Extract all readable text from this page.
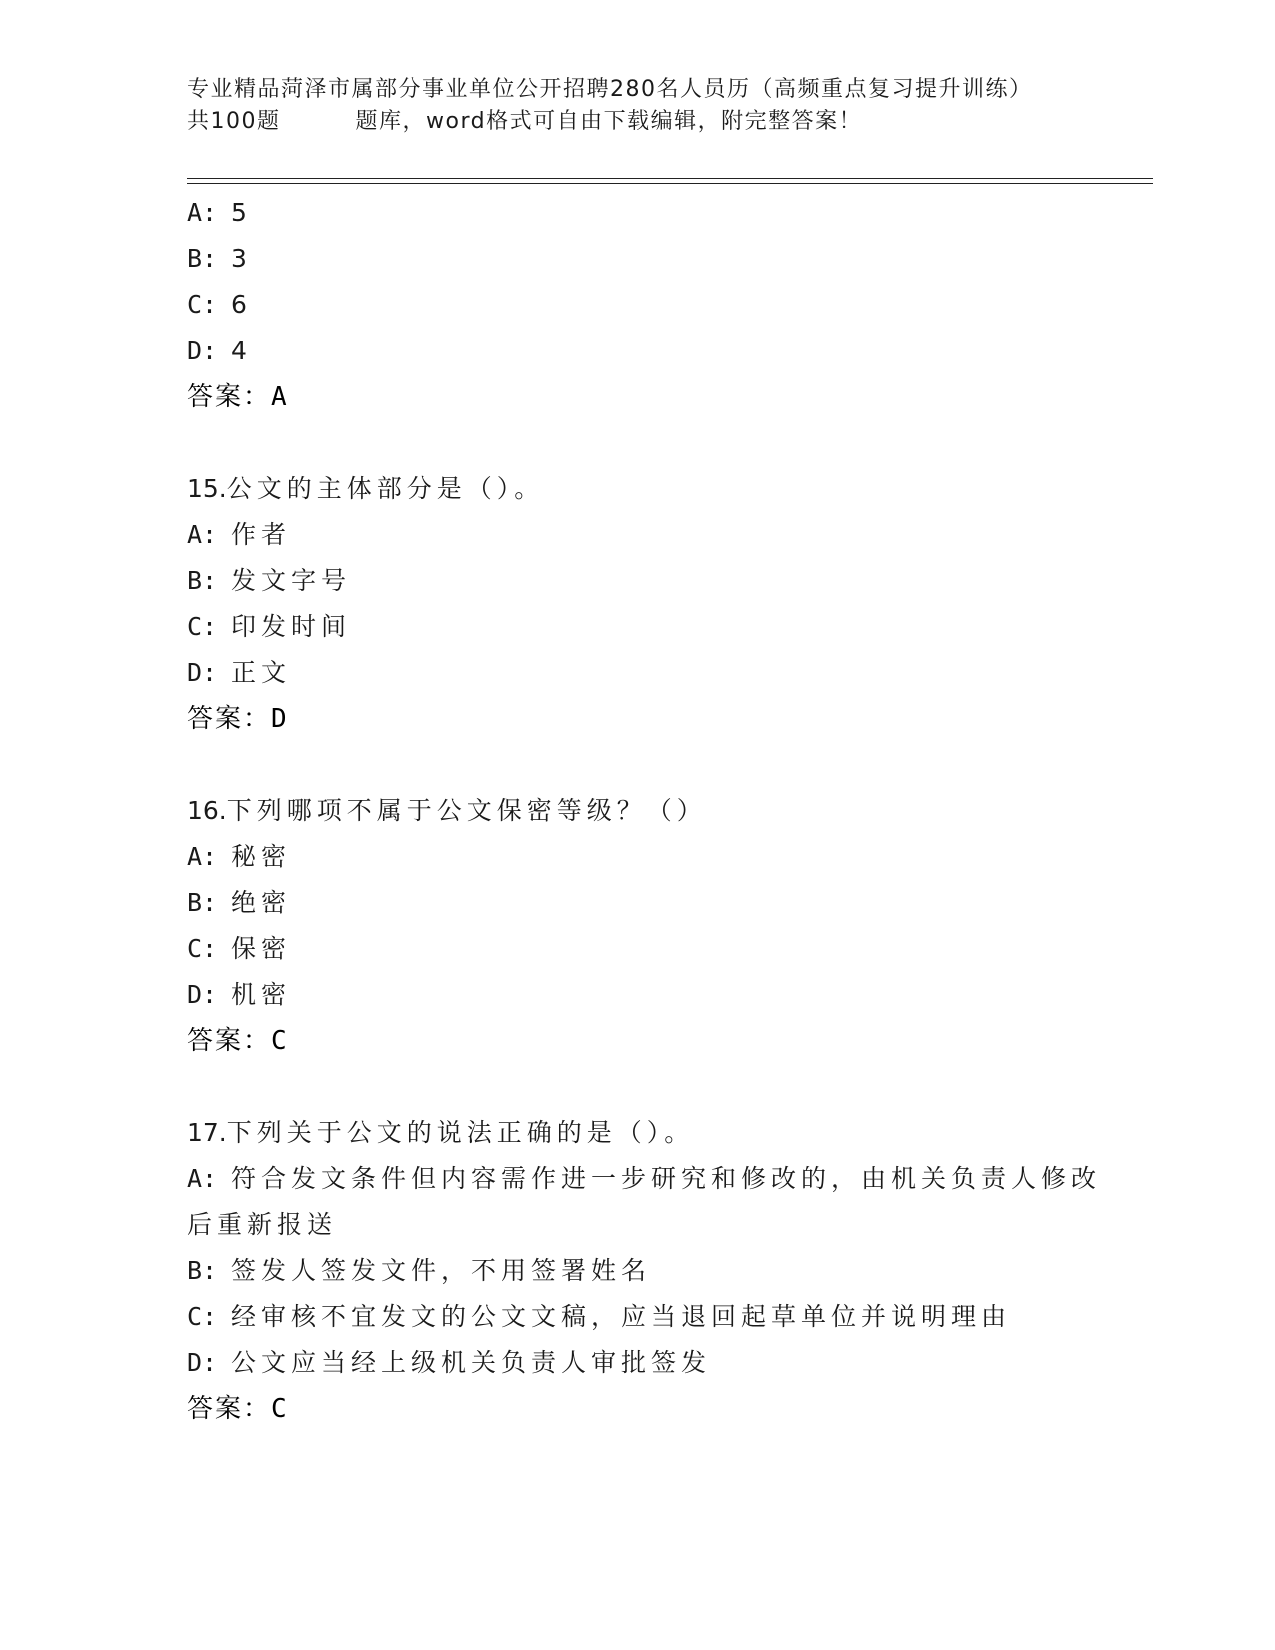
专业精品菏泽市属部分事业单位公开招聘280名人员历（高频重点复习提升训练）
共100题	题库，word格式可自由下载编辑，附完整答案！
A: 5
B: 3
C: 6
D: 4
答案：A
15.公文的主体部分是（）。
A: 作者
B: 发文字号
C: 印发时间
D: 正文
答案：D
16.下列哪项不属于公文保密等级？（）
A: 秘密
B: 绝密
C: 保密
D: 机密
答案：C
17.下列关于公文的说法正确的是（）。
A: 符合发文条件但内容需作进一步研究和修改的，由机关负责人修改
后重新报送
B: 签发人签发文件，不用签署姓名
C: 经审核不宜发文的公文文稿，应当退回起草单位并说明理由
D: 公文应当经上级机关负责人审批签发
答案：C
